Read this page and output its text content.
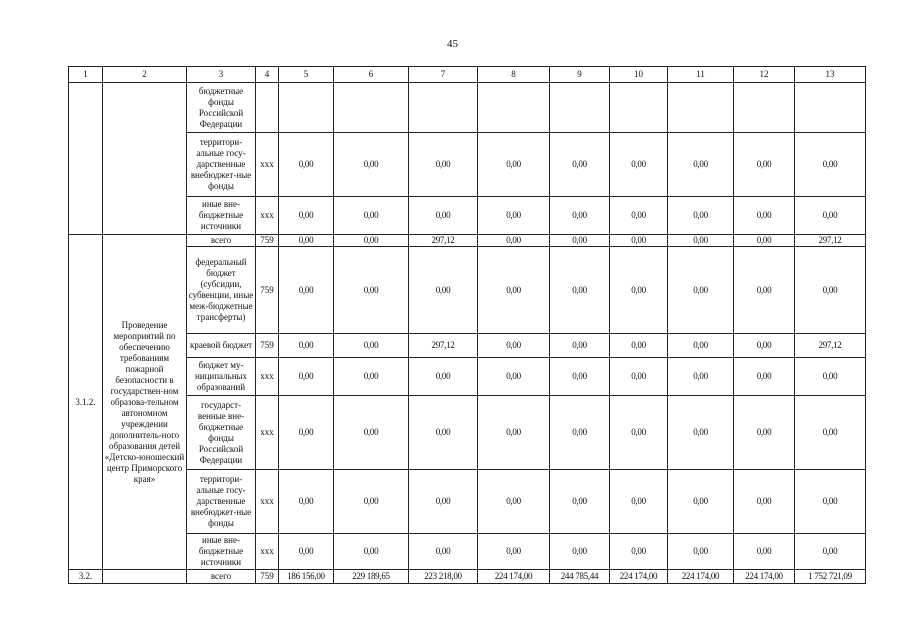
45
1	2	3	4	5	6	7	8	9	10	11	12	13
		бюджетные фонды Российской Федерации										
		территори-альные госу-дарственные внебюджет-ные фонды	ххх	0,00	0,00	0,00	0,00	0,00	0,00	0,00	0,00	0,00
		иные вне-бюджетные источники	ххх	0,00	0,00	0,00	0,00	0,00	0,00	0,00	0,00	0,00
3.1.2.	Проведение мероприятий по обеспечению требованиям пожарной безопасности в государствен-ном образова-тельном автономном учреждении дополнитель-ного образования детей «Детско-юношеский центр Приморского края»	всего	759	0,00	0,00	297,12	0,00	0,00	0,00	0,00	0,00	297,12
		федеральный бюджет (субсидии, субвенции, иные меж-бюджетные трансферты)	759	0,00	0,00	0,00	0,00	0,00	0,00	0,00	0,00	0,00
		краевой бюджет	759	0,00	0,00	297,12	0,00	0,00	0,00	0,00	0,00	297,12
		бюджет му-ниципальных образований	ххх	0,00	0,00	0,00	0,00	0,00	0,00	0,00	0,00	0,00
		государст-венные вне-бюджетные фонды Российской Федерации	ххх	0,00	0,00	0,00	0,00	0,00	0,00	0,00	0,00	0,00
		территори-альные госу-дарственные внебюджет-ные фонды	ххх	0,00	0,00	0,00	0,00	0,00	0,00	0,00	0,00	0,00
		иные вне-бюджетные источники	ххх	0,00	0,00	0,00	0,00	0,00	0,00	0,00	0,00	0,00
3.2.		всего	759	186 156,00	229 189,65	223 218,00	224 174,00	244 785,44	224 174,00	224 174,00	224 174,00	1 752 721,09
